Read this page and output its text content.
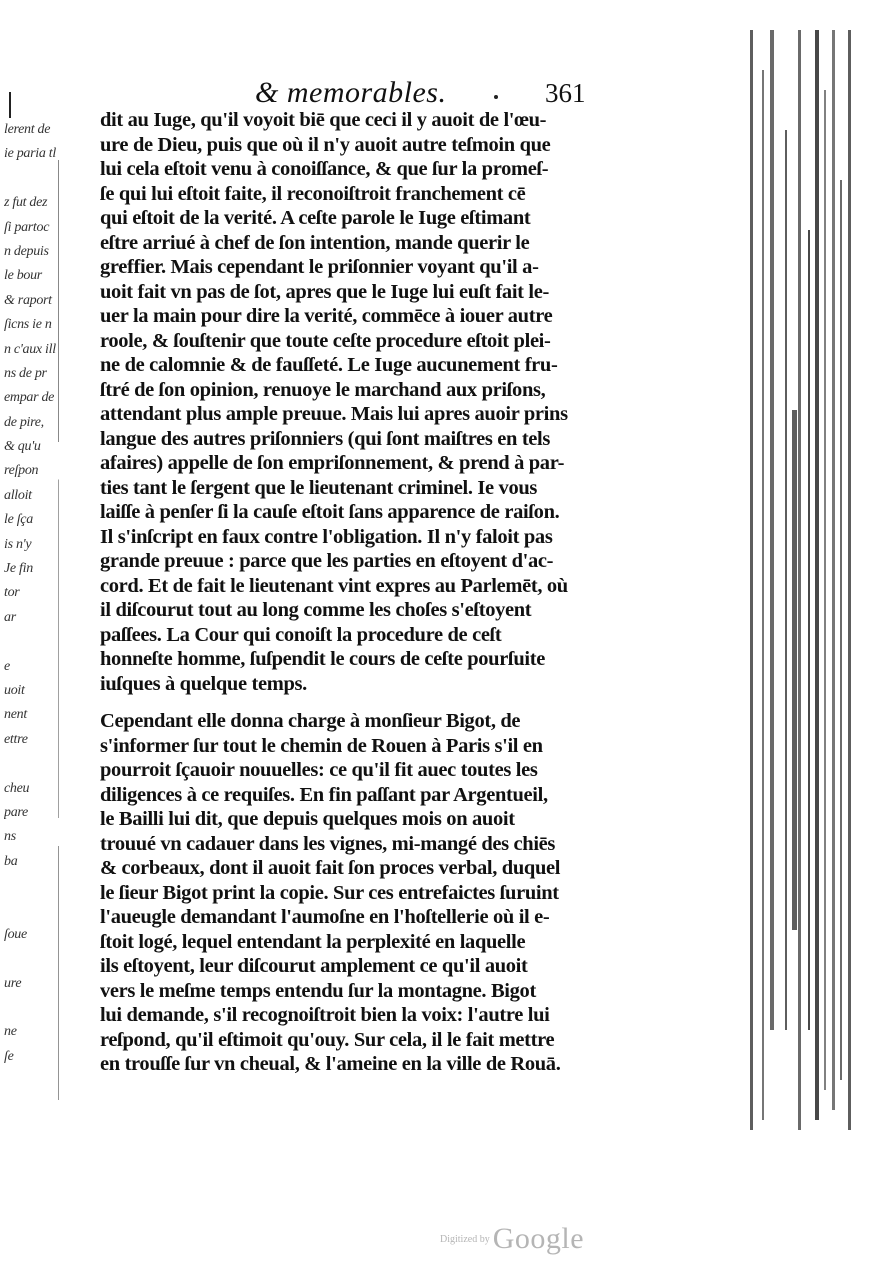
lerent de
ie paria tl
z fut dez
ſi partoc
n depuis
le bour
& raport
ſicns ie n
n c'aux ill
ns de pr
empar de
de pire,
& qu'u
reſpon
alloit
le ſça
is n'y
Je fin
tor
ar
e
uoit
nent
ettre
cheu
pare
ns
ba
ſoue
ure
ne
ſe
& memorables.	361
dit au Iuge, qu'il voyoit biē que ceci il y auoit de l'œu-
ure de Dieu, puis que où il n'y auoit autre teſmoin que
lui cela eſtoit venu à conoiſſance, & que ſur la promeſ-
ſe qui lui eſtoit faite, il reconoiſtroit franchement cē
qui eſtoit de la verité. A ceſte parole le Iuge eſtimant
eſtre arriué à chef de ſon intention, mande querir le
greffier. Mais cependant le priſonnier voyant qu'il a-
uoit fait vn pas de ſot, apres que le Iuge lui euſt fait le-
uer la main pour dire la verité, commēce à iouer autre
roole, & ſouſtenir que toute ceſte procedure eſtoit plei-
ne de calomnie & de fauſſeté. Le Iuge aucunement fru-
ſtré de ſon opinion, renuoye le marchand aux priſons,
attendant plus ample preuue. Mais lui apres auoir prins
langue des autres priſonniers (qui ſont maiſtres en tels
afaires) appelle de ſon empriſonnement, & prend à par-
ties tant le ſergent que le lieutenant criminel. Ie vous
laiſſe à penſer ſi la cauſe eſtoit ſans apparence de raiſon.
Il s'inſcript en faux contre l'obligation. Il n'y faloit pas
grande preuue : parce que les parties en eſtoyent d'ac-
cord. Et de fait le lieutenant vint expres au Parlemēt, où
il diſcourut tout au long comme les choſes s'eſtoyent
paſſees. La Cour qui conoiſt la procedure de ceſt
honneſte homme, ſuſpendit le cours de ceſte pourſuite
iuſques à quelque temps.
Cependant elle donna charge à monſieur Bigot, de
s'informer ſur tout le chemin de Rouen à Paris s'il en
pourroit ſçauoir nouuelles: ce qu'il fit auec toutes les
diligences à ce requiſes. En fin paſſant par Argentueil,
le Bailli lui dit, que depuis quelques mois on auoit
trouué vn cadauer dans les vignes, mi-mangé des chiēs
& corbeaux, dont il auoit fait ſon proces verbal, duquel
le ſieur Bigot print la copie. Sur ces entrefaictes ſuruint
l'aueugle demandant l'aumoſne en l'hoſtellerie où il e-
ſtoit logé, lequel entendant la perplexité en laquelle
ils eſtoyent, leur diſcourut amplement ce qu'il auoit
vers le meſme temps entendu ſur la montagne. Bigot
lui demande, s'il recognoiſtroit bien la voix: l'autre lui
reſpond, qu'il eſtimoit qu'ouy. Sur cela, il le fait mettre
en trouſſe ſur vn cheual, & l'ameine en la ville de Rouā.
$^{Digitized by}$ Google
